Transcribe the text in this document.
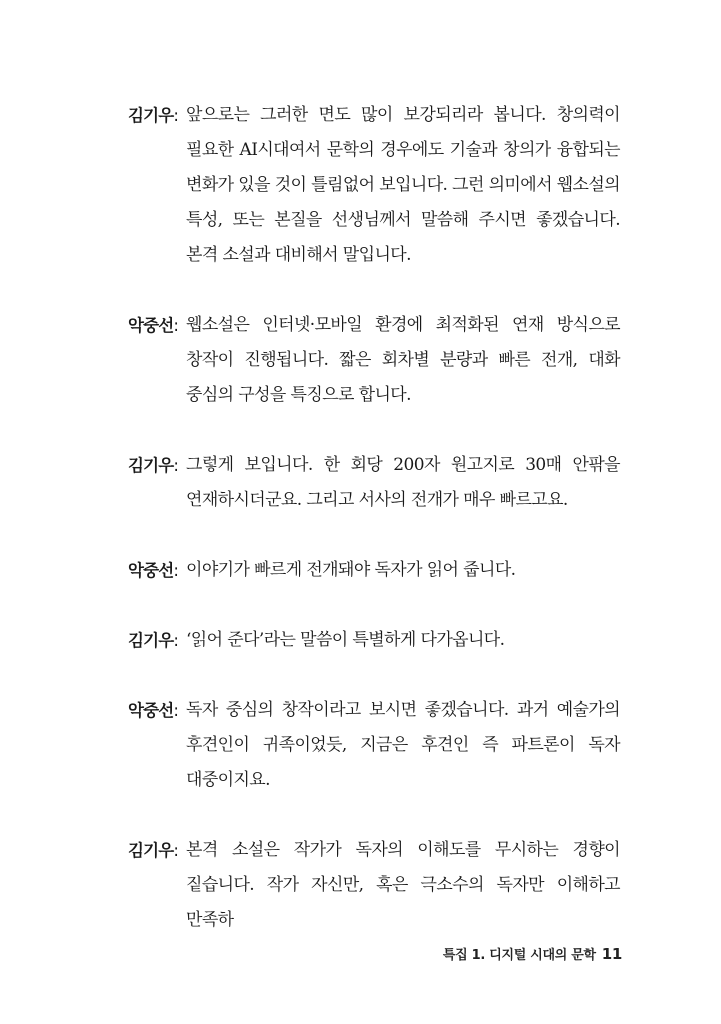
김기우: 앞으로는 그러한 면도 많이 보강되리라 봅니다. 창의력이 필요한 AI시대여서 문학의 경우에도 기술과 창의가 융합되는 변화가 있을 것이 틀림없어 보입니다. 그런 의미에서 웹소설의 특성, 또는 본질을 선생님께서 말씀해 주시면 좋겠습니다. 본격 소설과 대비해서 말입니다.
악중선: 웹소설은 인터넷·모바일 환경에 최적화된 연재 방식으로 창작이 진행됩니다. 짧은 회차별 분량과 빠른 전개, 대화 중심의 구성을 특징으로 합니다.
김기우: 그렇게 보입니다. 한 회당 200자 원고지로 30매 안팎을 연재하시더군요. 그리고 서사의 전개가 매우 빠르고요.
악중선: 이야기가 빠르게 전개돼야 독자가 읽어 줍니다.
김기우: ‘읽어 준다’라는 말씀이 특별하게 다가옵니다.
악중선: 독자 중심의 창작이라고 보시면 좋겠습니다. 과거 예술가의 후견인이 귀족이었듯, 지금은 후견인 즉 파트론이 독자 대중이지요.
김기우: 본격 소설은 작가가 독자의 이해도를 무시하는 경향이 짙습니다. 작가 자신만, 혹은 극소수의 독자만 이해하고 만족하
특집 1. 디지털 시대의 문학 11
